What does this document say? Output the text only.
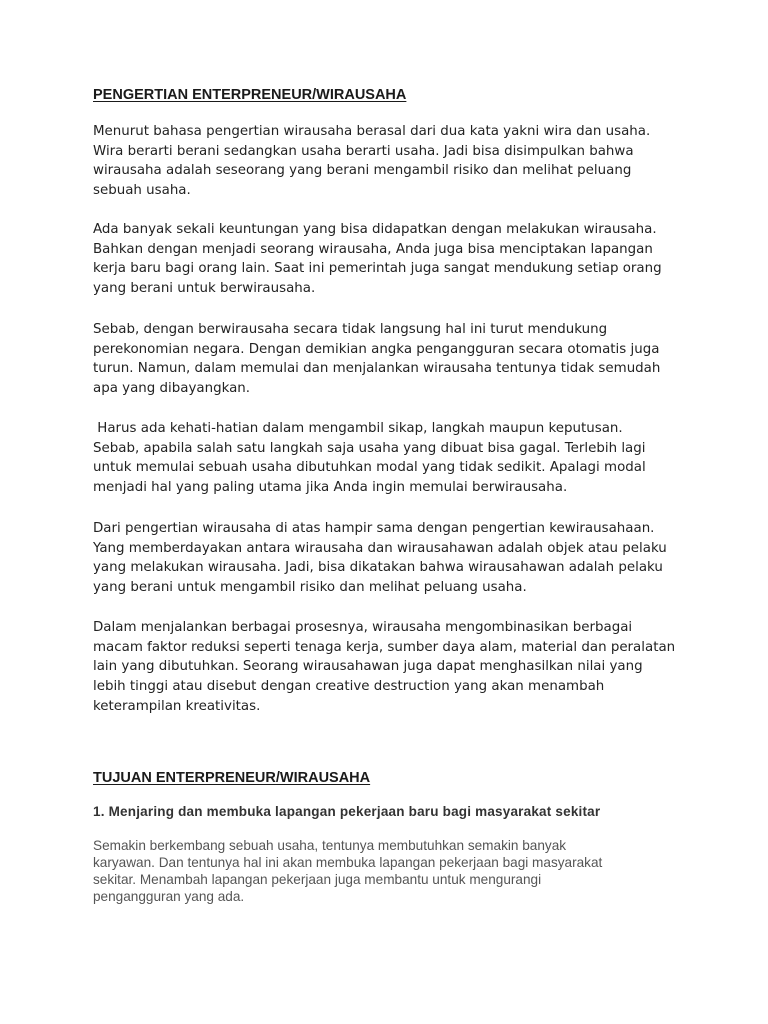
PENGERTIAN ENTERPRENEUR/WIRAUSAHA
Menurut bahasa pengertian wirausaha berasal dari dua kata yakni wira dan usaha.
Wira berarti berani sedangkan usaha berarti usaha. Jadi bisa disimpulkan bahwa
wirausaha adalah seseorang yang berani mengambil risiko dan melihat peluang
sebuah usaha.
Ada banyak sekali keuntungan yang bisa didapatkan dengan melakukan wirausaha.
Bahkan dengan menjadi seorang wirausaha, Anda juga bisa menciptakan lapangan
kerja baru bagi orang lain. Saat ini pemerintah juga sangat mendukung setiap orang
yang berani untuk berwirausaha.
Sebab, dengan berwirausaha secara tidak langsung hal ini turut mendukung
perekonomian negara. Dengan demikian angka pengangguran secara otomatis juga
turun. Namun, dalam memulai dan menjalankan wirausaha tentunya tidak semudah
apa yang dibayangkan.
Harus ada kehati-hatian dalam mengambil sikap, langkah maupun keputusan.
Sebab, apabila salah satu langkah saja usaha yang dibuat bisa gagal. Terlebih lagi
untuk memulai sebuah usaha dibutuhkan modal yang tidak sedikit. Apalagi modal
menjadi hal yang paling utama jika Anda ingin memulai berwirausaha.
Dari pengertian wirausaha di atas hampir sama dengan pengertian kewirausahaan.
Yang memberdayakan antara wirausaha dan wirausahawan adalah objek atau pelaku
yang melakukan wirausaha. Jadi, bisa dikatakan bahwa wirausahawan adalah pelaku
yang berani untuk mengambil risiko dan melihat peluang usaha.
Dalam menjalankan berbagai prosesnya, wirausaha mengombinasikan berbagai
macam faktor reduksi seperti tenaga kerja, sumber daya alam, material dan peralatan
lain yang dibutuhkan. Seorang wirausahawan juga dapat menghasilkan nilai yang
lebih tinggi atau disebut dengan creative destruction yang akan menambah
keterampilan kreativitas.
TUJUAN ENTERPRENEUR/WIRAUSAHA
1. Menjaring dan membuka lapangan pekerjaan baru bagi masyarakat sekitar
Semakin berkembang sebuah usaha, tentunya membutuhkan semakin banyak
karyawan. Dan tentunya hal ini akan membuka lapangan pekerjaan bagi masyarakat
sekitar. Menambah lapangan pekerjaan juga membantu untuk mengurangi
pengangguran yang ada.
